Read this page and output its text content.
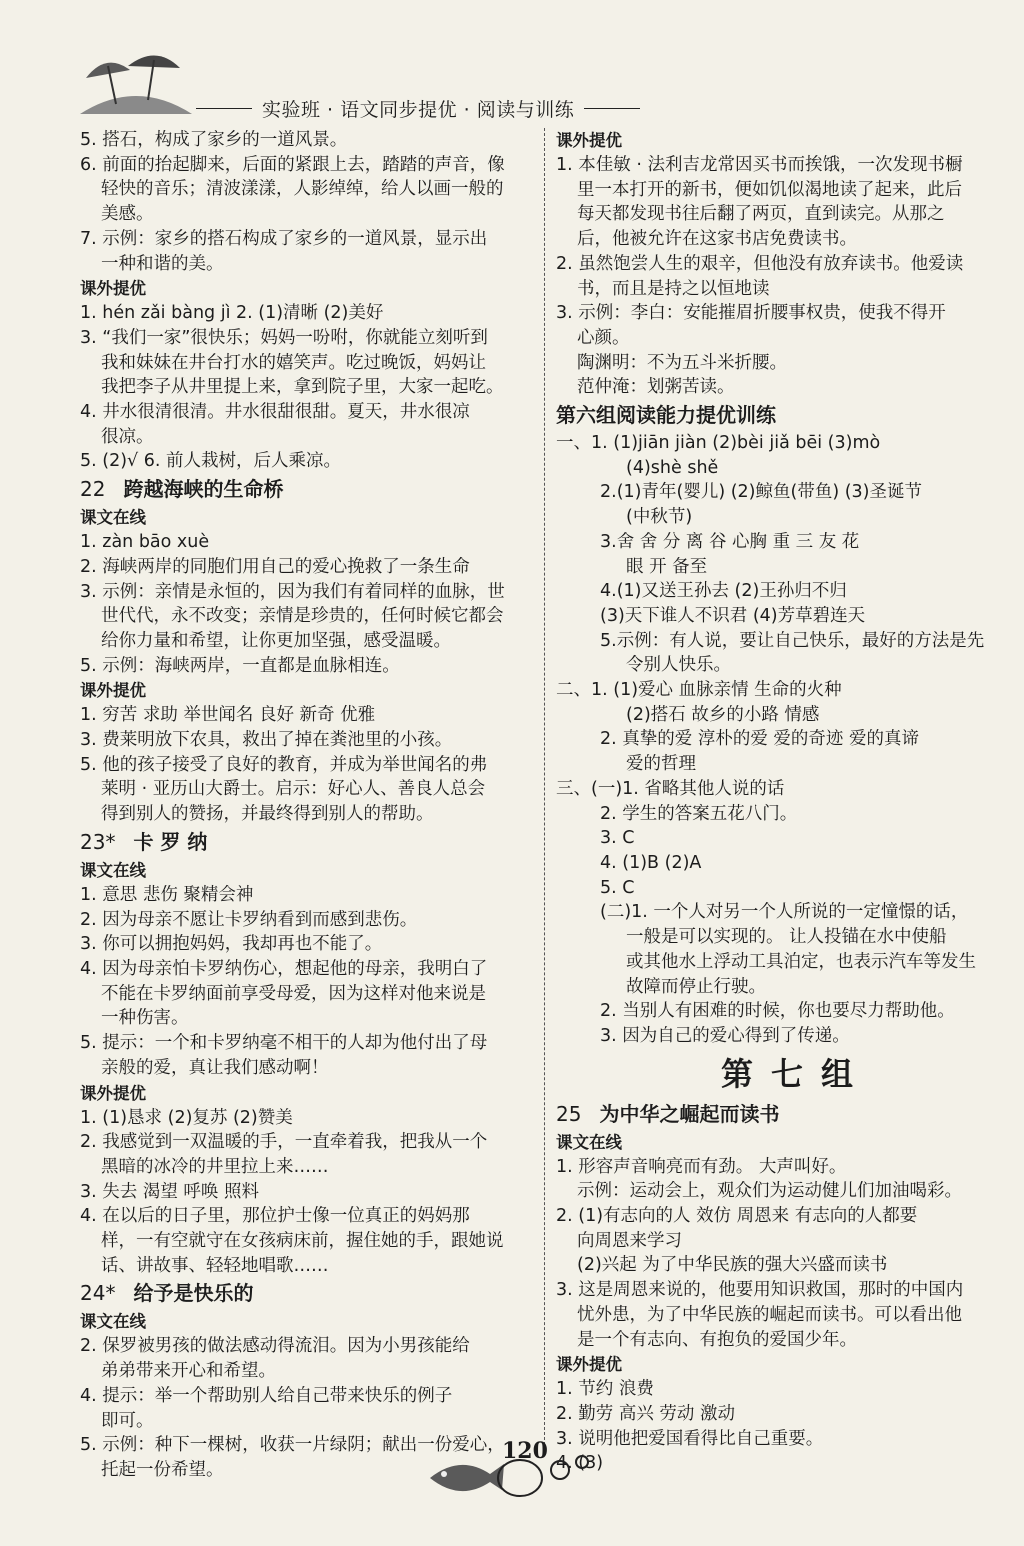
实验班 · 语文同步提优 · 阅读与训练
5. 搭石，构成了家乡的一道风景。
6. 前面的抬起脚来，后面的紧跟上去，踏踏的声音，像
轻快的音乐；清波漾漾，人影绰绰，给人以画一般的
美感。
7. 示例：家乡的搭石构成了家乡的一道风景，显示出
一种和谐的美。
课外提优
1. hén zǎi bàng jì 2. (1)清晰 (2)美好
3. “我们一家”很快乐；妈妈一吩咐，你就能立刻听到
我和妹妹在井台打水的嬉笑声。吃过晚饭，妈妈让
我把李子从井里提上来，拿到院子里，大家一起吃。
4. 井水很清很清。井水很甜很甜。夏天，井水很凉
很凉。
5. (2)√ 6. 前人栽树，后人乘凉。
22 跨越海峡的生命桥
课文在线
1. zàn bāo xuè
2. 海峡两岸的同胞们用自己的爱心挽救了一条生命
3. 示例：亲情是永恒的，因为我们有着同样的血脉，世
世代代，永不改变；亲情是珍贵的，任何时候它都会
给你力量和希望，让你更加坚强，感受温暖。
5. 示例：海峡两岸，一直都是血脉相连。
课外提优
1. 穷苦 求助 举世闻名 良好 新奇 优雅
3. 费莱明放下农具，救出了掉在粪池里的小孩。
5. 他的孩子接受了良好的教育，并成为举世闻名的弗
莱明 · 亚历山大爵士。启示：好心人、善良人总会
得到别人的赞扬，并最终得到别人的帮助。
23* 卡 罗 纳
课文在线
1. 意思 悲伤 聚精会神
2. 因为母亲不愿让卡罗纳看到而感到悲伤。
3. 你可以拥抱妈妈，我却再也不能了。
4. 因为母亲怕卡罗纳伤心，想起他的母亲，我明白了
不能在卡罗纳面前享受母爱，因为这样对他来说是
一种伤害。
5. 提示：一个和卡罗纳毫不相干的人却为他付出了母
亲般的爱，真让我们感动啊！
课外提优
1. (1)恳求 (2)复苏 (2)赞美
2. 我感觉到一双温暖的手，一直牵着我，把我从一个
黑暗的冰冷的井里拉上来……
3. 失去 渴望 呼唤 照料
4. 在以后的日子里，那位护士像一位真正的妈妈那
样，一有空就守在女孩病床前，握住她的手，跟她说
话、讲故事、轻轻地唱歌……
24* 给予是快乐的
课文在线
2. 保罗被男孩的做法感动得流泪。因为小男孩能给
弟弟带来开心和希望。
4. 提示：举一个帮助别人给自己带来快乐的例子
即可。
5. 示例：种下一棵树，收获一片绿阴；献出一份爱心，
托起一份希望。
课外提优
1. 本佳敏 · 法利吉龙常因买书而挨饿，一次发现书橱
里一本打开的新书，便如饥似渴地读了起来，此后
每天都发现书往后翻了两页，直到读完。从那之
后，他被允许在这家书店免费读书。
2. 虽然饱尝人生的艰辛，但他没有放弃读书。他爱读
书，而且是持之以恒地读
3. 示例：李白：安能摧眉折腰事权贵，使我不得开
心颜。
陶渊明：不为五斗米折腰。
范仲淹：划粥苦读。
第六组阅读能力提优训练
一、1. (1)jiān jiàn (2)bèi jiǎ bēi (3)mò
(4)shè shě
2.(1)青年(婴儿) (2)鲸鱼(带鱼) (3)圣诞节
(中秋节)
3.舍 舍 分 离 谷 心胸 重 三 友 花
眼 开 备至
4.(1)又送王孙去 (2)王孙归不归
(3)天下谁人不识君 (4)芳草碧连天
5.示例：有人说，要让自己快乐，最好的方法是先
令别人快乐。
二、1. (1)爱心 血脉亲情 生命的火种
(2)搭石 故乡的小路 情感
2. 真挚的爱 淳朴的爱 爱的奇迹 爱的真谛
爱的哲理
三、(一)1. 省略其他人说的话
2. 学生的答案五花八门。
3. C
4. (1)B (2)A
5. C
(二)1. 一个人对另一个人所说的一定憧憬的话，
一般是可以实现的。 让人投锚在水中使船
或其他水上浮动工具泊定，也表示汽车等发生
故障而停止行驶。
2. 当别人有困难的时候，你也要尽力帮助他。
3. 因为自己的爱心得到了传递。
第七组
25 为中华之崛起而读书
课文在线
1. 形容声音响亮而有劲。 大声叫好。
示例：运动会上，观众们为运动健儿们加油喝彩。
2. (1)有志向的人 效仿 周恩来 有志向的人都要
向周恩来学习
(2)兴起 为了中华民族的强大兴盛而读书
3. 这是周恩来说的，他要用知识救国，那时的中国内
忧外患，为了中华民族的崛起而读书。可以看出他
是一个有志向、有抱负的爱国少年。
课外提优
1. 节约 浪费
2. 勤劳 高兴 劳动 激动
3. 说明他把爱国看得比自己重要。
4. (3)
120
